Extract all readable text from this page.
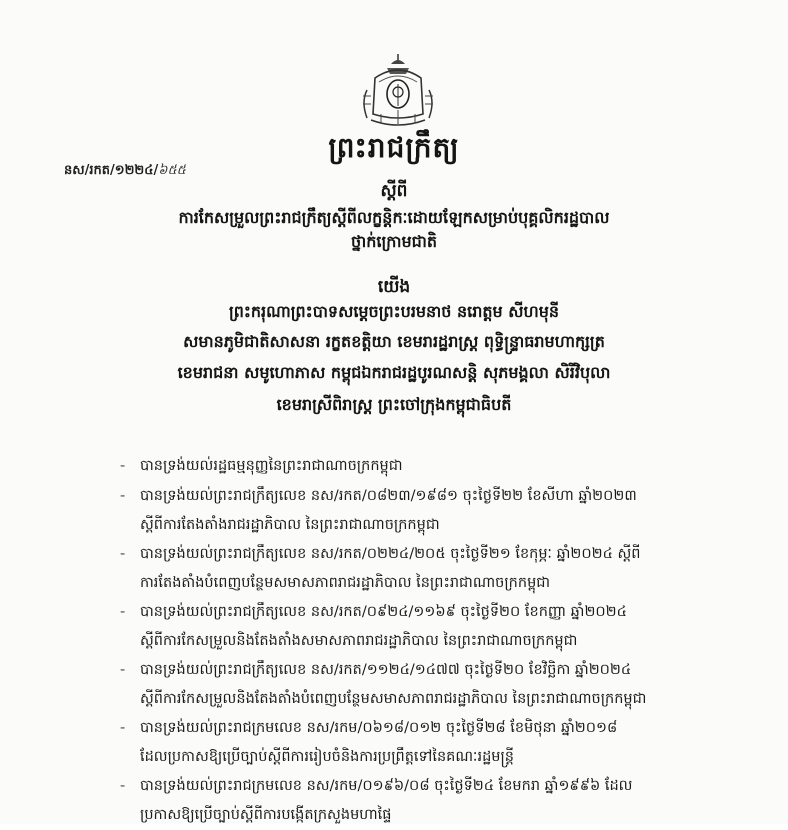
ព្រះរាជក្រឹត្យ
នស/រកត/១២២៤/៦៥៥
ស្តីពី
ការកែសម្រួលព្រះរាជក្រឹត្យស្តីពីលក្ខន្តិកៈដោយឡែកសម្រាប់បុគ្គលិករដ្ឋបាល
ថ្នាក់ក្រោមជាតិ
យើង
ព្រះករុណាព្រះបាទសម្តេចព្រះបរមនាថ នរោត្តម សីហមុនី
សមានភូមិជាតិសាសនា រក្ខតខត្តិយា ខេមរារដ្ឋរាស្ត្រ ពុទ្ធិន្ទ្រាធរាមហាក្សត្រ
ខេមរាជនា សមូហោភាស កម្ពុជឯករាជរដ្ឋបូរណសន្តិ សុភមង្គលា សិរីវិបុលា
ខេមរាស្រីពិរាស្ត្រ ព្រះចៅក្រុងកម្ពុជាធិបតី
- បានទ្រង់យល់រដ្ឋធម្មនុញ្ញនៃព្រះរាជាណាចក្រកម្ពុជា
- បានទ្រង់យល់ព្រះរាជក្រឹត្យលេខ នស/រកត/០៨២៣/១៩៨១ ចុះថ្ងៃទី២២ ខែសីហា ឆ្នាំ២០២៣
ស្តីពីការតែងតាំងរាជរដ្ឋាភិបាល នៃព្រះរាជាណាចក្រកម្ពុជា
- បានទ្រង់យល់ព្រះរាជក្រឹត្យលេខ នស/រកត/០២២៤/២០៥ ចុះថ្ងៃទី២១ ខែកុម្ភៈ ឆ្នាំ២០២៤ ស្តីពី
ការតែងតាំងបំពេញបន្ថែមសមាសភាពរាជរដ្ឋាភិបាល នៃព្រះរាជាណាចក្រកម្ពុជា
- បានទ្រង់យល់ព្រះរាជក្រឹត្យលេខ នស/រកត/០៩២៤/១១៦៩ ចុះថ្ងៃទី២០ ខែកញ្ញា ឆ្នាំ២០២៤
ស្តីពីការកែសម្រួលនិងតែងតាំងសមាសភាពរាជរដ្ឋាភិបាល នៃព្រះរាជាណាចក្រកម្ពុជា
- បានទ្រង់យល់ព្រះរាជក្រឹត្យលេខ នស/រកត/១១២៤/១៤៧៧ ចុះថ្ងៃទី២០ ខែវិច្ឆិកា ឆ្នាំ២០២៤
ស្តីពីការកែសម្រួលនិងតែងតាំងបំពេញបន្ថែមសមាសភាពរាជរដ្ឋាភិបាល នៃព្រះរាជាណាចក្រកម្ពុជា
- បានទ្រង់យល់ព្រះរាជក្រមលេខ នស/រកម/០៦១៨/០១២ ចុះថ្ងៃទី២៨ ខែមិថុនា ឆ្នាំ២០១៨
ដែលប្រកាសឱ្យប្រើច្បាប់ស្តីពីការរៀបចំនិងការប្រព្រឹត្តទៅនៃគណៈរដ្ឋមន្ត្រី
- បានទ្រង់យល់ព្រះរាជក្រមលេខ នស/រកម/០១៩៦/០៨ ចុះថ្ងៃទី២៤ ខែមករា ឆ្នាំ១៩៩៦ ដែល
ប្រកាសឱ្យប្រើច្បាប់ស្តីពីការបង្កើតក្រសួងមហាផ្ទៃ
